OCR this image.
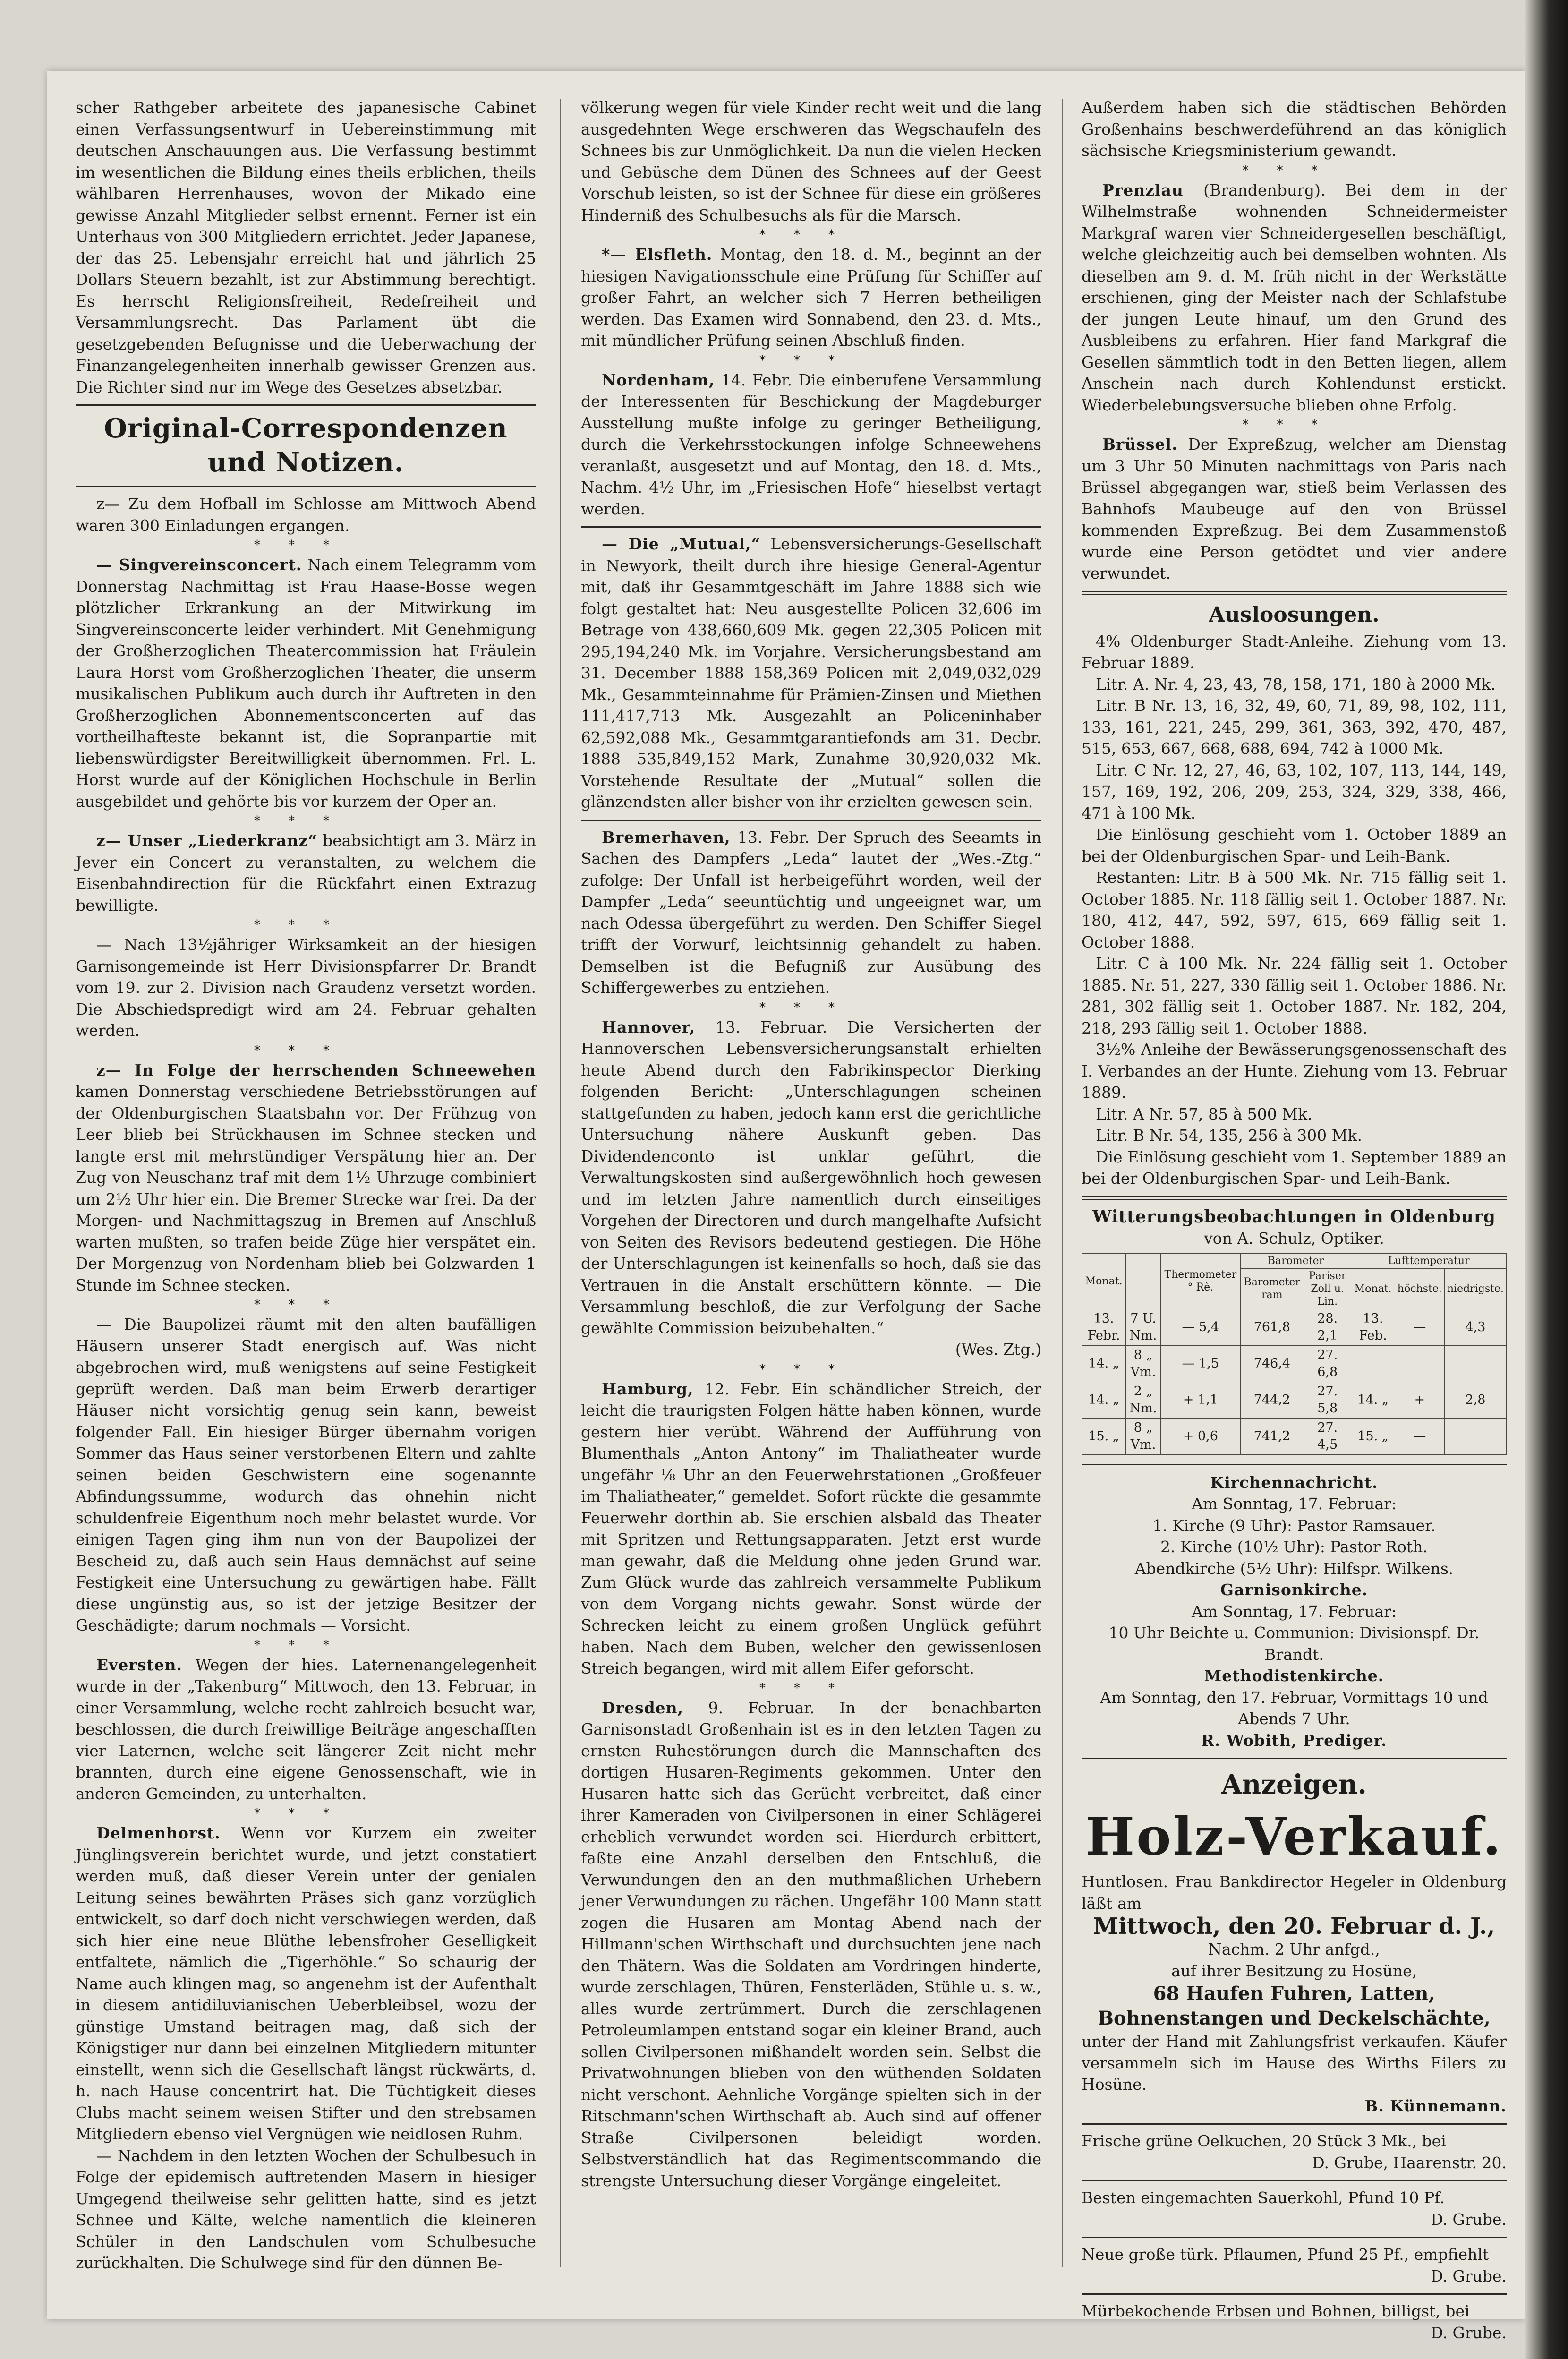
scher Rathgeber arbeitete des japanesische Cabinet einen Verfassungsentwurf in Uebereinstimmung mit deutschen Anschauungen aus. Die Verfassung bestimmt im wesentlichen die Bildung eines theils erblichen, theils wählbaren Herrenhauses, wovon der Mikado eine gewisse Anzahl Mitglieder selbst ernennt. Ferner ist ein Unterhaus von 300 Mitgliedern errichtet. Jeder Japanese, der das 25. Lebensjahr erreicht hat und jährlich 25 Dollars Steuern bezahlt, ist zur Abstimmung berechtigt. Es herrscht Religionsfreiheit, Redefreiheit und Versammlungsrecht. Das Parlament übt die gesetzgebenden Befugnisse und die Ueberwachung der Finanzangelegenheiten innerhalb gewisser Grenzen aus. Die Richter sind nur im Wege des Gesetzes absetzbar.

Original-Correspondenzen und Notizen.

z— Zu dem Hofball im Schlosse am Mittwoch Abend waren 300 Einladungen ergangen.

***

— Singvereinsconcert. Nach einem Telegramm vom Donnerstag Nachmittag ist Frau Haase-Bosse wegen plötzlicher Erkrankung an der Mitwirkung im Singvereinsconcerte leider verhindert. Mit Genehmigung der Großherzoglichen Theatercommission hat Fräulein Laura Horst vom Großherzoglichen Theater, die unserm musikalischen Publikum auch durch ihr Auftreten in den Großherzoglichen Abonnementsconcerten auf das vortheilhafteste bekannt ist, die Sopranpartie mit liebenswürdigster Bereitwilligkeit übernommen. Frl. L. Horst wurde auf der Königlichen Hochschule in Berlin ausgebildet und gehörte bis vor kurzem der Oper an.

***

z— Unser „Liederkranz“ beabsichtigt am 3. März in Jever ein Concert zu veranstalten, zu welchem die Eisenbahndirection für die Rückfahrt einen Extrazug bewilligte.

***

— Nach 13½jähriger Wirksamkeit an der hiesigen Garnisongemeinde ist Herr Divisionspfarrer Dr. Brandt vom 19. zur 2. Division nach Graudenz versetzt worden. Die Abschiedspredigt wird am 24. Februar gehalten werden.

***

z— In Folge der herrschenden Schneewehen kamen Donnerstag verschiedene Betriebsstörungen auf der Oldenburgischen Staatsbahn vor. Der Frühzug von Leer blieb bei Strückhausen im Schnee stecken und langte erst mit mehrstündiger Verspätung hier an. Der Zug von Neuschanz traf mit dem 1½ Uhrzuge combiniert um 2½ Uhr hier ein. Die Bremer Strecke war frei. Da der Morgen- und Nachmittagszug in Bremen auf Anschluß warten mußten, so trafen beide Züge hier verspätet ein. Der Morgenzug von Nordenham blieb bei Golzwarden 1 Stunde im Schnee stecken.

***

— Die Baupolizei räumt mit den alten baufälligen Häusern unserer Stadt energisch auf. Was nicht abgebrochen wird, muß wenigstens auf seine Festigkeit geprüft werden. Daß man beim Erwerb derartiger Häuser nicht vorsichtig genug sein kann, beweist folgender Fall. Ein hiesiger Bürger übernahm vorigen Sommer das Haus seiner verstorbenen Eltern und zahlte seinen beiden Geschwistern eine sogenannte Abfindungssumme, wodurch das ohnehin nicht schuldenfreie Eigenthum noch mehr belastet wurde. Vor einigen Tagen ging ihm nun von der Baupolizei der Bescheid zu, daß auch sein Haus demnächst auf seine Festigkeit eine Untersuchung zu gewärtigen habe. Fällt diese ungünstig aus, so ist der jetzige Besitzer der Geschädigte; darum nochmals — Vorsicht.

***

Eversten. Wegen der hies. Laternenangelegenheit wurde in der „Takenburg“ Mittwoch, den 13. Februar, in einer Versammlung, welche recht zahlreich besucht war, beschlossen, die durch freiwillige Beiträge angeschafften vier Laternen, welche seit längerer Zeit nicht mehr brannten, durch eine eigene Genossenschaft, wie in anderen Gemeinden, zu unterhalten.

***

Delmenhorst. Wenn vor Kurzem ein zweiter Jünglingsverein berichtet wurde, und jetzt constatiert werden muß, daß dieser Verein unter der genialen Leitung seines bewährten Präses sich ganz vorzüglich entwickelt, so darf doch nicht verschwiegen werden, daß sich hier eine neue Blüthe lebensfroher Geselligkeit entfaltete, nämlich die „Tigerhöhle.“ So schaurig der Name auch klingen mag, so angenehm ist der Aufenthalt in diesem antidiluvianischen Ueberbleibsel, wozu der günstige Umstand beitragen mag, daß sich der Königstiger nur dann bei einzelnen Mitgliedern mitunter einstellt, wenn sich die Gesellschaft längst rückwärts, d. h. nach Hause concentrirt hat. Die Tüchtigkeit dieses Clubs macht seinem weisen Stifter und den strebsamen Mitgliedern ebenso viel Vergnügen wie neidlosen Ruhm.

— Nachdem in den letzten Wochen der Schulbesuch in Folge der epidemisch auftretenden Masern in hiesiger Umgegend theilweise sehr gelitten hatte, sind es jetzt Schnee und Kälte, welche namentlich die kleineren Schüler in den Landschulen vom Schulbesuche zurückhalten. Die Schulwege sind für den dünnen Be-

völkerung wegen für viele Kinder recht weit und die lang ausgedehnten Wege erschweren das Wegschaufeln des Schnees bis zur Unmöglichkeit. Da nun die vielen Hecken und Gebüsche dem Dünen des Schnees auf der Geest Vorschub leisten, so ist der Schnee für diese ein größeres Hinderniß des Schulbesuchs als für die Marsch.

***

*— Elsfleth. Montag, den 18. d. M., beginnt an der hiesigen Navigationsschule eine Prüfung für Schiffer auf großer Fahrt, an welcher sich 7 Herren betheiligen werden. Das Examen wird Sonnabend, den 23. d. Mts., mit mündlicher Prüfung seinen Abschluß finden.

***

Nordenham, 14. Febr. Die einberufene Versammlung der Interessenten für Beschickung der Magdeburger Ausstellung mußte infolge zu geringer Betheiligung, durch die Verkehrsstockungen infolge Schneewehens veranlaßt, ausgesetzt und auf Montag, den 18. d. Mts., Nachm. 4½ Uhr, im „Friesischen Hofe“ hieselbst vertagt werden.

— Die „Mutual,“ Lebensversicherungs-Gesellschaft in Newyork, theilt durch ihre hiesige General-Agentur mit, daß ihr Gesammtgeschäft im Jahre 1888 sich wie folgt gestaltet hat: Neu ausgestellte Policen 32,606 im Betrage von 438,660,609 Mk. gegen 22,305 Policen mit 295,194,240 Mk. im Vorjahre. Versicherungsbestand am 31. December 1888 158,369 Policen mit 2,049,032,029 Mk., Gesammteinnahme für Prämien-Zinsen und Miethen 111,417,713 Mk. Ausgezahlt an Policeninhaber 62,592,088 Mk., Gesammtgarantiefonds am 31. Decbr. 1888 535,849,152 Mark, Zunahme 30,920,032 Mk. Vorstehende Resultate der „Mutual“ sollen die glänzendsten aller bisher von ihr erzielten gewesen sein.

Bremerhaven, 13. Febr. Der Spruch des Seeamts in Sachen des Dampfers „Leda“ lautet der „Wes.-Ztg.“ zufolge: Der Unfall ist herbeigeführt worden, weil der Dampfer „Leda“ seeuntüchtig und ungeeignet war, um nach Odessa übergeführt zu werden. Den Schiffer Siegel trifft der Vorwurf, leichtsinnig gehandelt zu haben. Demselben ist die Befugniß zur Ausübung des Schiffergewerbes zu entziehen.

***

Hannover, 13. Februar. Die Versicherten der Hannoverschen Lebensversicherungsanstalt erhielten heute Abend durch den Fabrikinspector Dierking folgenden Bericht: „Unterschlagungen scheinen stattgefunden zu haben, jedoch kann erst die gerichtliche Untersuchung nähere Auskunft geben. Das Dividendenconto ist unklar geführt, die Verwaltungskosten sind außergewöhnlich hoch gewesen und im letzten Jahre namentlich durch einseitiges Vorgehen der Directoren und durch mangelhafte Aufsicht von Seiten des Revisors bedeutend gestiegen. Die Höhe der Unterschlagungen ist keinenfalls so hoch, daß sie das Vertrauen in die Anstalt erschüttern könnte. — Die Versammlung beschloß, die zur Verfolgung der Sache gewählte Commission beizubehalten.“

(Wes. Ztg.)

***

Hamburg, 12. Febr. Ein schändlicher Streich, der leicht die traurigsten Folgen hätte haben können, wurde gestern hier verübt. Während der Aufführung von Blumenthals „Anton Antony“ im Thaliatheater wurde ungefähr ⅛ Uhr an den Feuerwehrstationen „Großfeuer im Thaliatheater,“ gemeldet. Sofort rückte die gesammte Feuerwehr dorthin ab. Sie erschien alsbald das Theater mit Spritzen und Rettungsapparaten. Jetzt erst wurde man gewahr, daß die Meldung ohne jeden Grund war. Zum Glück wurde das zahlreich versammelte Publikum von dem Vorgang nichts gewahr. Sonst würde der Schrecken leicht zu einem großen Unglück geführt haben. Nach dem Buben, welcher den gewissenlosen Streich begangen, wird mit allem Eifer geforscht.

***

Dresden, 9. Februar. In der benachbarten Garnisonstadt Großenhain ist es in den letzten Tagen zu ernsten Ruhestörungen durch die Mannschaften des dortigen Husaren-Regiments gekommen. Unter den Husaren hatte sich das Gerücht verbreitet, daß einer ihrer Kameraden von Civilpersonen in einer Schlägerei erheblich verwundet worden sei. Hierdurch erbittert, faßte eine Anzahl derselben den Entschluß, die Verwundungen den an den muthmaßlichen Urhebern jener Verwundungen zu rächen. Ungefähr 100 Mann statt zogen die Husaren am Montag Abend nach der Hillmann'schen Wirthschaft und durchsuchten jene nach den Thätern. Was die Soldaten am Vordringen hinderte, wurde zerschlagen, Thüren, Fensterläden, Stühle u. s. w., alles wurde zertrümmert. Durch die zerschlagenen Petroleumlampen entstand sogar ein kleiner Brand, auch sollen Civilpersonen mißhandelt worden sein. Selbst die Privatwohnungen blieben von den wüthenden Soldaten nicht verschont. Aehnliche Vorgänge spielten sich in der Ritschmann'schen Wirthschaft ab. Auch sind auf offener Straße Civilpersonen beleidigt worden. Selbstverständlich hat das Regimentscommando die strengste Untersuchung dieser Vorgänge eingeleitet.

Außerdem haben sich die städtischen Behörden Großenhains beschwerdeführend an das königlich sächsische Kriegsministerium gewandt.

***

Prenzlau (Brandenburg). Bei dem in der Wilhelmstraße wohnenden Schneidermeister Markgraf waren vier Schneidergesellen beschäftigt, welche gleichzeitig auch bei demselben wohnten. Als dieselben am 9. d. M. früh nicht in der Werkstätte erschienen, ging der Meister nach der Schlafstube der jungen Leute hinauf, um den Grund des Ausbleibens zu erfahren. Hier fand Markgraf die Gesellen sämmtlich todt in den Betten liegen, allem Anschein nach durch Kohlendunst erstickt. Wiederbelebungsversuche blieben ohne Erfolg.

***

Brüssel. Der Expreßzug, welcher am Dienstag um 3 Uhr 50 Minuten nachmittags von Paris nach Brüssel abgegangen war, stieß beim Verlassen des Bahnhofs Maubeuge auf den von Brüssel kommenden Expreßzug. Bei dem Zusammenstoß wurde eine Person getödtet und vier andere verwundet.

Ausloosungen.

4% Oldenburger Stadt-Anleihe. Ziehung vom 13. Februar 1889.

Litr. A. Nr. 4, 23, 43, 78, 158, 171, 180 à 2000 Mk.

Litr. B Nr. 13, 16, 32, 49, 60, 71, 89, 98, 102, 111, 133, 161, 221, 245, 299, 361, 363, 392, 470, 487, 515, 653, 667, 668, 688, 694, 742 à 1000 Mk.

Litr. C Nr. 12, 27, 46, 63, 102, 107, 113, 144, 149, 157, 169, 192, 206, 209, 253, 324, 329, 338, 466, 471 à 100 Mk.

Die Einlösung geschieht vom 1. October 1889 an bei der Oldenburgischen Spar- und Leih-Bank.

Restanten: Litr. B à 500 Mk. Nr. 715 fällig seit 1. October 1885. Nr. 118 fällig seit 1. October 1887. Nr. 180, 412, 447, 592, 597, 615, 669 fällig seit 1. October 1888.

Litr. C à 100 Mk. Nr. 224 fällig seit 1. October 1885. Nr. 51, 227, 330 fällig seit 1. October 1886. Nr. 281, 302 fällig seit 1. October 1887. Nr. 182, 204, 218, 293 fällig seit 1. October 1888.

3½% Anleihe der Bewässerungsgenossenschaft des I. Verbandes an der Hunte. Ziehung vom 13. Februar 1889.

Litr. A Nr. 57, 85 à 500 Mk.

Litr. B Nr. 54, 135, 256 à 300 Mk.

Die Einlösung geschieht vom 1. September 1889 an bei der Oldenburgischen Spar- und Leih-Bank.

Witterungsbeobachtungen in Oldenburg
von A. Schulz, Optiker.
Monat.		Thermometer ° Rè.	Barometer		Lufttemperatur		
			Barometer ram	Pariser Zoll u. Lin.	Monat.	höchste.	niedrigste.
13. Febr.	7 U. Nm.	— 5,4	761,8	28. 2,1	13. Feb.	—	4,3
14. „	8 „ Vm.	— 1,5	746,4	27. 6,8			
14. „	2 „ Nm.	+ 1,1	744,2	27. 5,8	14. „	+	2,8
15. „	8 „ Vm.	+ 0,6	741,2	27. 4,5	15. „	—	

Kirchennachricht.

Am Sonntag, 17. Februar:

1. Kirche (9 Uhr): Pastor Ramsauer.

2. Kirche (10½ Uhr): Pastor Roth.

Abendkirche (5½ Uhr): Hilfspr. Wilkens.

Garnisonkirche.

Am Sonntag, 17. Februar:

10 Uhr Beichte u. Communion: Divisionspf. Dr. Brandt.

Methodistenkirche.

Am Sonntag, den 17. Februar, Vormittags 10 und Abends 7 Uhr.

R. Wobith, Prediger.

Anzeigen.
Holz-Verkauf.

Huntlosen. Frau Bankdirector Hegeler in Oldenburg läßt am

Mittwoch, den 20. Februar d. J.,

Nachm. 2 Uhr anfgd.,

auf ihrer Besitzung zu Hosüne,

68 Haufen Fuhren, Latten, Bohnenstangen und Deckelschächte,

unter der Hand mit Zahlungsfrist verkaufen. Käufer versammeln sich im Hause des Wirths Eilers zu Hosüne.

B. Künnemann.

Frische grüne Oelkuchen, 20 Stück 3 Mk., bei

D. Grube, Haarenstr. 20.

Besten eingemachten Sauerkohl, Pfund 10 Pf.

D. Grube.

Neue große türk. Pflaumen, Pfund 25 Pf., empfiehlt

D. Grube.

Mürbekochende Erbsen und Bohnen, billigst, bei

D. Grube.
